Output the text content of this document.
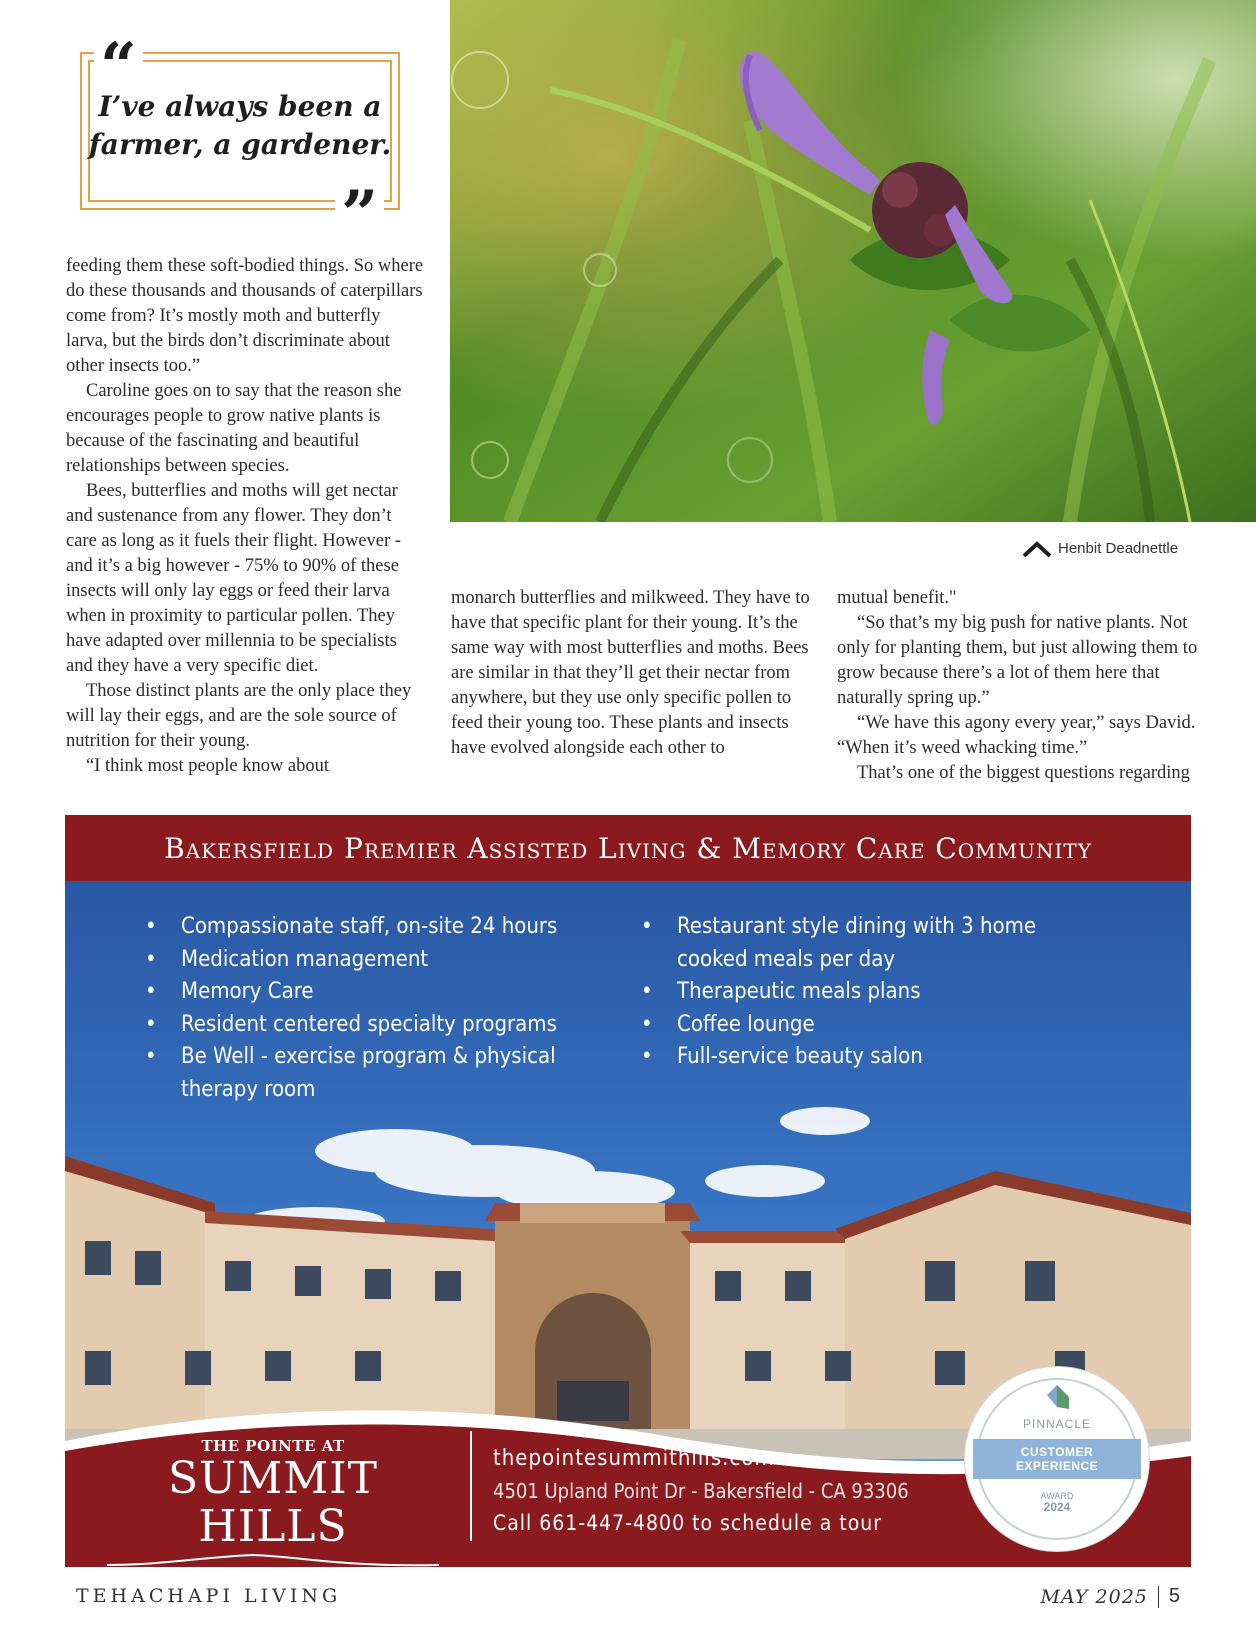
“
I’ve always been a
farmer, a gardener.
”
Henbit Deadnettle

feeding them these soft-bodied things. So where do these thousands and thousands of caterpillars come from? It’s mostly moth and butterfly larva, but the birds don’t discriminate about other insects too.”

Caroline goes on to say that the reason she encourages people to grow native plants is because of the fascinating and beautiful relationships between species.

Bees, butterflies and moths will get nectar and sustenance from any flower. They don’t care as long as it fuels their flight. However - and it’s a big however - 75% to 90% of these insects will only lay eggs or feed their larva when in proximity to particular pollen. They have adapted over millennia to be specialists and they have a very specific diet.

Those distinct plants are the only place they will lay their eggs, and are the sole source of nutrition for their young.

“I think most people know about

monarch butterflies and milkweed. They have to have that specific plant for their young. It’s the same way with most butterflies and moths. Bees are similar in that they’ll get their nectar from anywhere, but they use only specific pollen to feed their young too. These plants and insects have evolved alongside each other to

mutual benefit."

“So that’s my big push for native plants. Not only for planting them, but just allowing them to grow because there’s a lot of them here that naturally spring up.”

“We have this agony every year,” says David. “When it’s weed whacking time.”

That’s one of the biggest questions regarding

Bakersfield Premier Assisted Living & Memory Care Community
• Compassionate staff, on-site 24 hours
• Medication management
• Memory Care
• Resident centered specialty programs
• Be Well - exercise program & physical therapy room
• Restaurant style dining with 3 home cooked meals per day
• Therapeutic meals plans
• Coffee lounge
• Full-service beauty salon
THE POINTE AT
SUMMIT HILLS
thepointesummithills.com
4501 Upland Point Dr - Bakersfield - CA 93306
Call 661-447-4800 to schedule a tour
PINNACLE
CUSTOMER
EXPERIENCE
AWARD
2024
TEHACHAPI LIVING	MAY 2025 5
